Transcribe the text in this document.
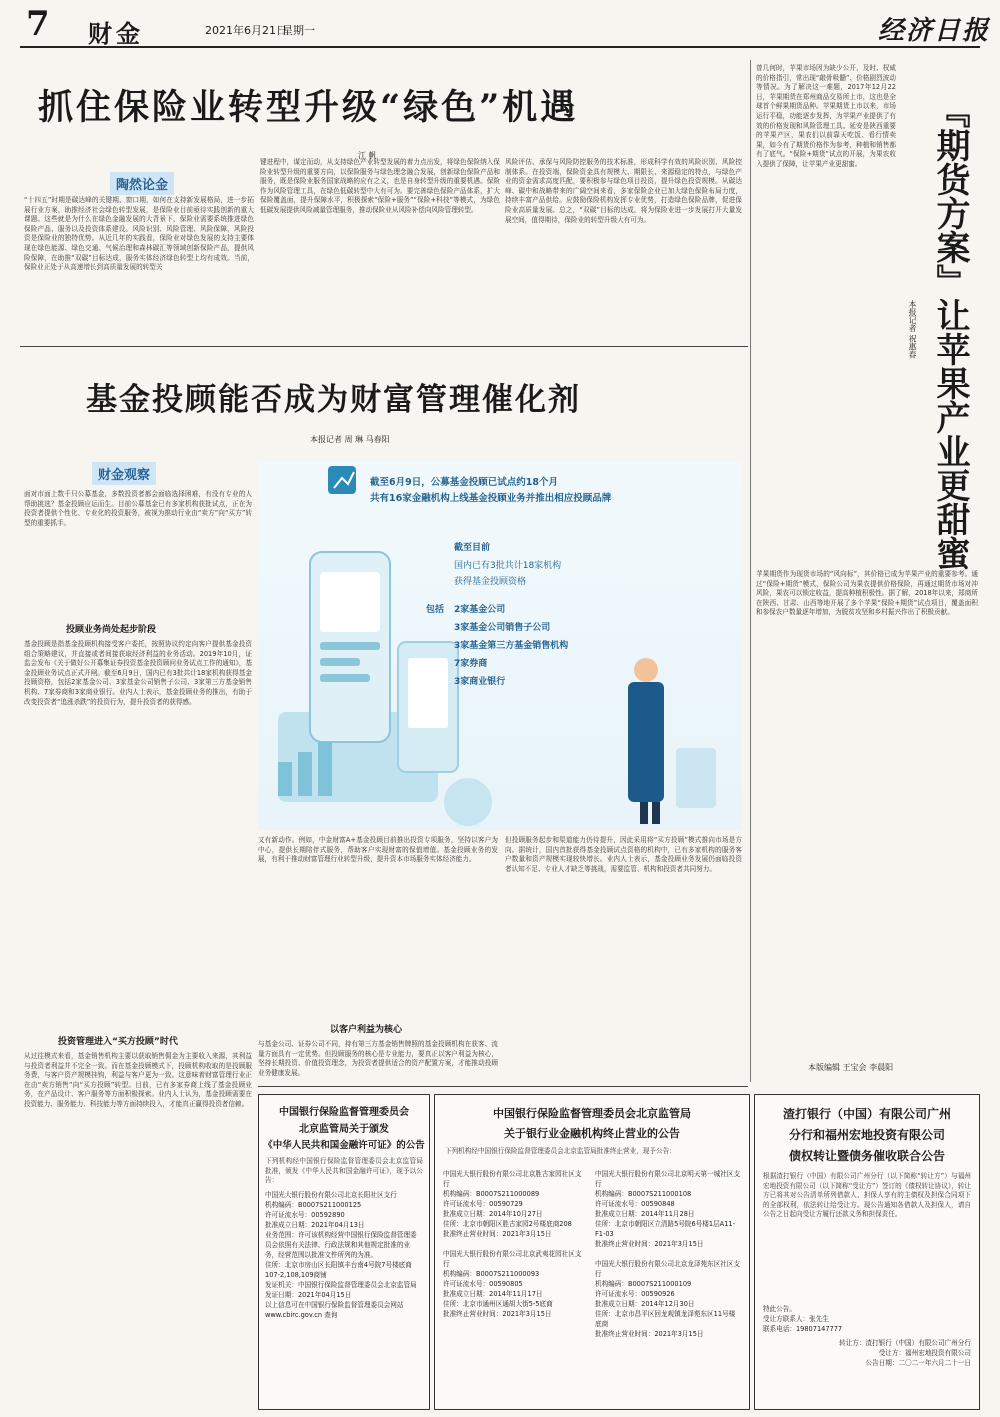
7 财金	2021年6月21日
星期一	经济日报
抓住保险业转型升级“绿色”机遇
江 帆
陶然论金
“十四五”时期是碳达峰的关键期、窗口期，如何在支持新发展格局，进一步拓展行业方案，助推经济社会绿色转型发展，是保险业目前亟待实践创新的重大课题。这些就是为什么在绿色金融发展的大背景下，保险业需要系统推进绿色保险产品、服务以及投资体系建设。风险识别、风险管理、风险保障，风险投资是保险业的独特优势。从近几年的实践看，保险业对绿色发展的支持主要体现在绿色能源、绿色交通、气候治理和森林碳汇等领域创新保险产品，提供风险保障，在助推“双碳”目标达成，服务实体经济绿色转型上均有成效。当前，保险业正处于从高速增长到高质量发展的转型关
键进程中，谋定而动，从支持绿色产业转型发展的着力点出发，将绿色保险纳入保险业转型升级的重要方向，以保险服务与绿色理念融合发展，创新绿色保险产品和服务，既是保险业服务国家战略的应有之义，也是自身转型升级的重要机遇。保险作为风险管理工具，在绿色低碳转型中大有可为。要完善绿色保险产品体系，扩大保险覆盖面，提升保障水平，积极探索“保险+服务”“保险+科技”等模式，为绿色低碳发展提供风险减量管理服务，推动保险业从风险补偿向风险管理转型。
风险评估、承保与风险防控服务的技术标准，形成科学有效的风险识别、风险控制体系。在投资端，保险资金具有规模大、期限长、来源稳定的特点，与绿色产业的资金需求高度匹配，要积极参与绿色项目投资，提升绿色投资规模。从碳达峰、碳中和战略带来的广阔空间来看，多家保险企业已加大绿色保险布局力度，持续丰富产品供给。应鼓励保险机构发挥专业优势，打造绿色保险品牌，促进保险业高质量发展。总之，“双碳”目标的达成，将为保险业进一步发展打开大量发展空间，值得期待，保险业的转型升级大有可为。
基金投顾能否成为财富管理催化剂
本报记者 周 琳 马春阳
财金观察
面对市面上数千只公募基金，多数投资者都会面临选择困难，有没有专业的人帮助挑选？基金投顾应运而生。目前公募基金已有多家机构获批试点，正在为投资者提供个性化、专业化的投资服务，被视为推动行业由“卖方”向“买方”转型的重要抓手。
投顾业务尚处起步阶段
基金投顾是指基金投顾机构接受客户委托，按照协议约定向客户提供基金投资组合策略建议，并直接或者间接获取经济利益的业务活动。2019年10月，证监会发布《关于做好公开募集证券投资基金投资顾问业务试点工作的通知》，基金投顾业务试点正式开闸。截至6月9日，国内已有3批共计18家机构获得基金投顾资格，包括2家基金公司、3家基金公司销售子公司、3家第三方基金销售机构、7家券商和3家商业银行。业内人士表示，基金投顾业务的推出，有助于改变投资者“追涨杀跌”的投资行为，提升投资者的获得感。
投资管理进入“买方投顾”时代
从过往模式来看，基金销售机构主要以获取销售佣金为主要收入来源，其利益与投资者利益并不完全一致。而在基金投顾模式下，投顾机构收取的是投顾服务费，与客户资产规模挂钩，利益与客户更为一致。这意味着财富管理行业正在由“卖方销售”向“买方投顾”转型。目前，已有多家券商上线了基金投顾业务，在产品设计、客户服务等方面积极探索。业内人士认为，基金投顾需要在投资能力、服务能力、科技能力等方面持续投入，才能真正赢得投资者信赖。
又有新动作。例如，中金财富A+基金投顾目前推出投资专项服务，坚持以客户为中心，提供长期陪伴式服务，帮助客户实现财富的保值增值。基金投顾业务的发展，有利于推动财富管理行业转型升级，提升资本市场服务实体经济能力。
以客户利益为核心
与基金公司、证券公司不同，持有第三方基金销售牌照的基金投顾机构在获客、流量方面具有一定优势。但投顾服务的核心是专业能力，要真正以客户利益为核心，坚持长期投资、价值投资理念，为投资者提供适合的资产配置方案，才能推动投顾业务健康发展。
但投顾服务起步和渠道能力仍待提升，因此采用将“买方投顾”模式推向市场是方向。据统计，国内首批获得基金投顾试点资格的机构中，已有多家机构的服务客户数量和资产规模实现较快增长。业内人士表示，基金投顾业务发展仍面临投资者认知不足、专业人才缺乏等挑战，需要监管、机构和投资者共同努力。
截至6月9日，公募基金投顾已试点约18个月
共有16家金融机构上线基金投顾业务并推出相应投顾品牌
截至目前
国内已有3批共计18家机构
获得基金投顾资格
包括 2家基金公司
3家基金公司销售子公司
3家基金第三方基金销售机构
7家券商
3家商业银行
曾几何时，苹果市场因为缺少公开、及时、权威的价格指引，常出现“敲骨吸髓”、价格剧烈波动等情况。为了解决这一难题，2017年12月22日，苹果期货在郑州商品交易所上市，这也是全球首个鲜果期货品种。苹果期货上市以来，市场运行平稳，功能逐步发挥，为苹果产业提供了有效的价格发现和风险管理工具。延安是陕西重要的苹果产区，果农们以前靠天吃饭、看行情卖果，如今有了期货价格作为参考，种植和销售都有了底气。“保险+期货”试点的开展，为果农收入提供了保障，让苹果产业更甜蜜。
苹果期货作为现货市场的“风向标”，其价格已成为苹果产业的重要参考。通过“保险+期货”模式，保险公司为果农提供价格保险，再通过期货市场对冲风险，果农可以锁定收益，提高种植积极性。据了解，2018年以来，郑商所在陕西、甘肃、山西等地开展了多个苹果“保险+期货”试点项目，覆盖面积和参保农户数量逐年增加，为脱贫攻坚和乡村振兴作出了积极贡献。
『期货方案』让苹果产业更甜蜜
本报记者 祝惠春
本版编辑 王宝会 李晨阳
中国银行保险监督管理委员会
北京监管局关于颁发
《中华人民共和国金融许可证》的公告
下列机构经中国银行保险监督管理委员会北京监管局批准，颁发《中华人民共和国金融许可证》，现予以公告：
中国光大银行股份有限公司北京长阳社区支行
机构编码：B0007S211000125
许可证流水号：00592890
批准成立日期：2021年04月13日
业务范围：许可该机构经营中国银行保险监督管理委员会依照有关法律、行政法规和其他规定批准的业务，经营范围以批准文件所列的为准。
住所：北京市房山区长阳镇丰台南4号院7号楼底商107-2,108,109商铺
发证机关：中国银行保险监督管理委员会北京监管局
发证日期：2021年04月15日
以上信息可在中国银行保险监督管理委员会网站 www.cbirc.gov.cn 查询
中国银行保险监督管理委员会北京监管局
关于银行业金融机构终止营业的公告
下列机构经中国银行保险监督管理委员会北京监管局批准终止营业，现予公告：
中国光大银行股份有限公司北京胜古家园社区支行
机构编码：B0007S211000089
许可证流水号：00590729
批准成立日期：2014年10月27日
住所：北京市朝阳区胜古家园2号楼底商208
批准终止营业时间：2021年3月15日
中国光大银行股份有限公司北京武夷花园社区支行
机构编码：B0007S211000093
许可证流水号：00590805
批准成立日期：2014年11月17日
住所：北京市通州区通胡大街5-5底商
批准终止营业时间：2021年3月15日
中国光大银行股份有限公司北京明天第一城社区支行
机构编码：B0007S211000108
许可证流水号：00590848
批准成立日期：2014年11月28日
住所：北京市朝阳区立清路5号院6号楼1层A11-F1-03
批准终止营业时间：2021年3月15日
中国光大银行股份有限公司北京龙泽苑东区社区支行
机构编码：B0007S211000109
许可证流水号：00590926
批准成立日期：2014年12月30日
住所：北京市昌平区回龙观镇龙泽苑东区11号楼底商
批准终止营业时间：2021年3月15日
渣打银行（中国）有限公司广州
分行和福州宏地投资有限公司
债权转让暨债务催收联合公告
根据渣打银行（中国）有限公司广州分行（以下简称“转让方”）与福州宏地投资有限公司（以下简称“受让方”）签订的《债权转让协议》，转让方已将其对公告清单所列借款人、担保人享有的主债权及担保合同项下的全部权利，依法转让给受让方。现公告通知各借款人及担保人，请自公告之日起向受让方履行还款义务和担保责任。
特此公告。
受让方联系人：张先生
联系电话：19807147777
转让方：渣打银行（中国）有限公司广州分行
受让方：福州宏地投资有限公司
公告日期：二〇二一年六月二十一日
